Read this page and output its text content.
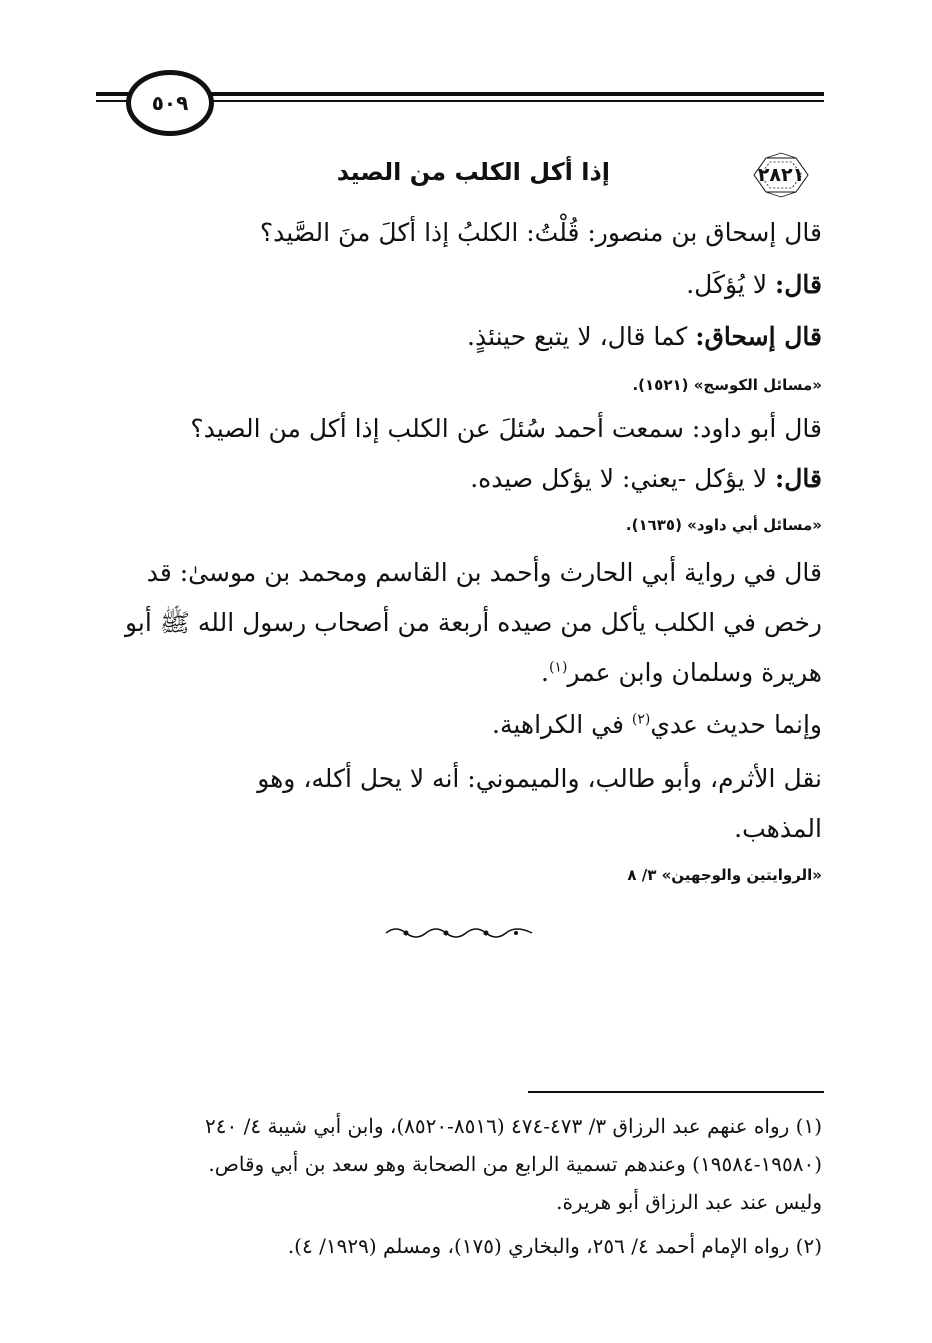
٥٠٩
٢٨٢١
إذا أكل الكلب من الصيد
قال إسحاق بن منصور: قُلْتُ: الكلبُ إذا أكلَ منَ الصَّيد؟
قال: لا يُؤكَل.
قال إسحاق: كما قال، لا يتبع حينئذٍ.
«مسائل الكوسج» (١٥٢١).
قال أبو داود: سمعت أحمد سُئلَ عن الكلب إذا أكل من الصيد؟
قال: لا يؤكل -يعني: لا يؤكل صيده.
«مسائل أبي داود» (١٦٣٥).
قال في رواية أبي الحارث وأحمد بن القاسم ومحمد بن موسىٰ: قد
رخص في الكلب يأكل من صيده أربعة من أصحاب رسول الله ﷺ أبو
هريرة وسلمان وابن عمر$^{(١)}$.
وإنما حديث عدي$^{(٢)}$ في الكراهية.
نقل الأثرم، وأبو طالب، والميموني: أنه لا يحل أكله، وهو
المذهب.
«الروايتين والوجهين» ٣/ ٨
(١) رواه عنهم عبد الرزاق ٣/ ٤٧٣-٤٧٤ (٨٥١٦-٨٥٢٠)، وابن أبي شيبة ٤/ ٢٤٠
(١٩٥٨٠-١٩٥٨٤) وعندهم تسمية الرابع من الصحابة وهو سعد بن أبي وقاص.
وليس عند عبد الرزاق أبو هريرة.
(٢) رواه الإمام أحمد ٤/ ٢٥٦، والبخاري (١٧٥)، ومسلم (١٩٢٩/ ٤).
